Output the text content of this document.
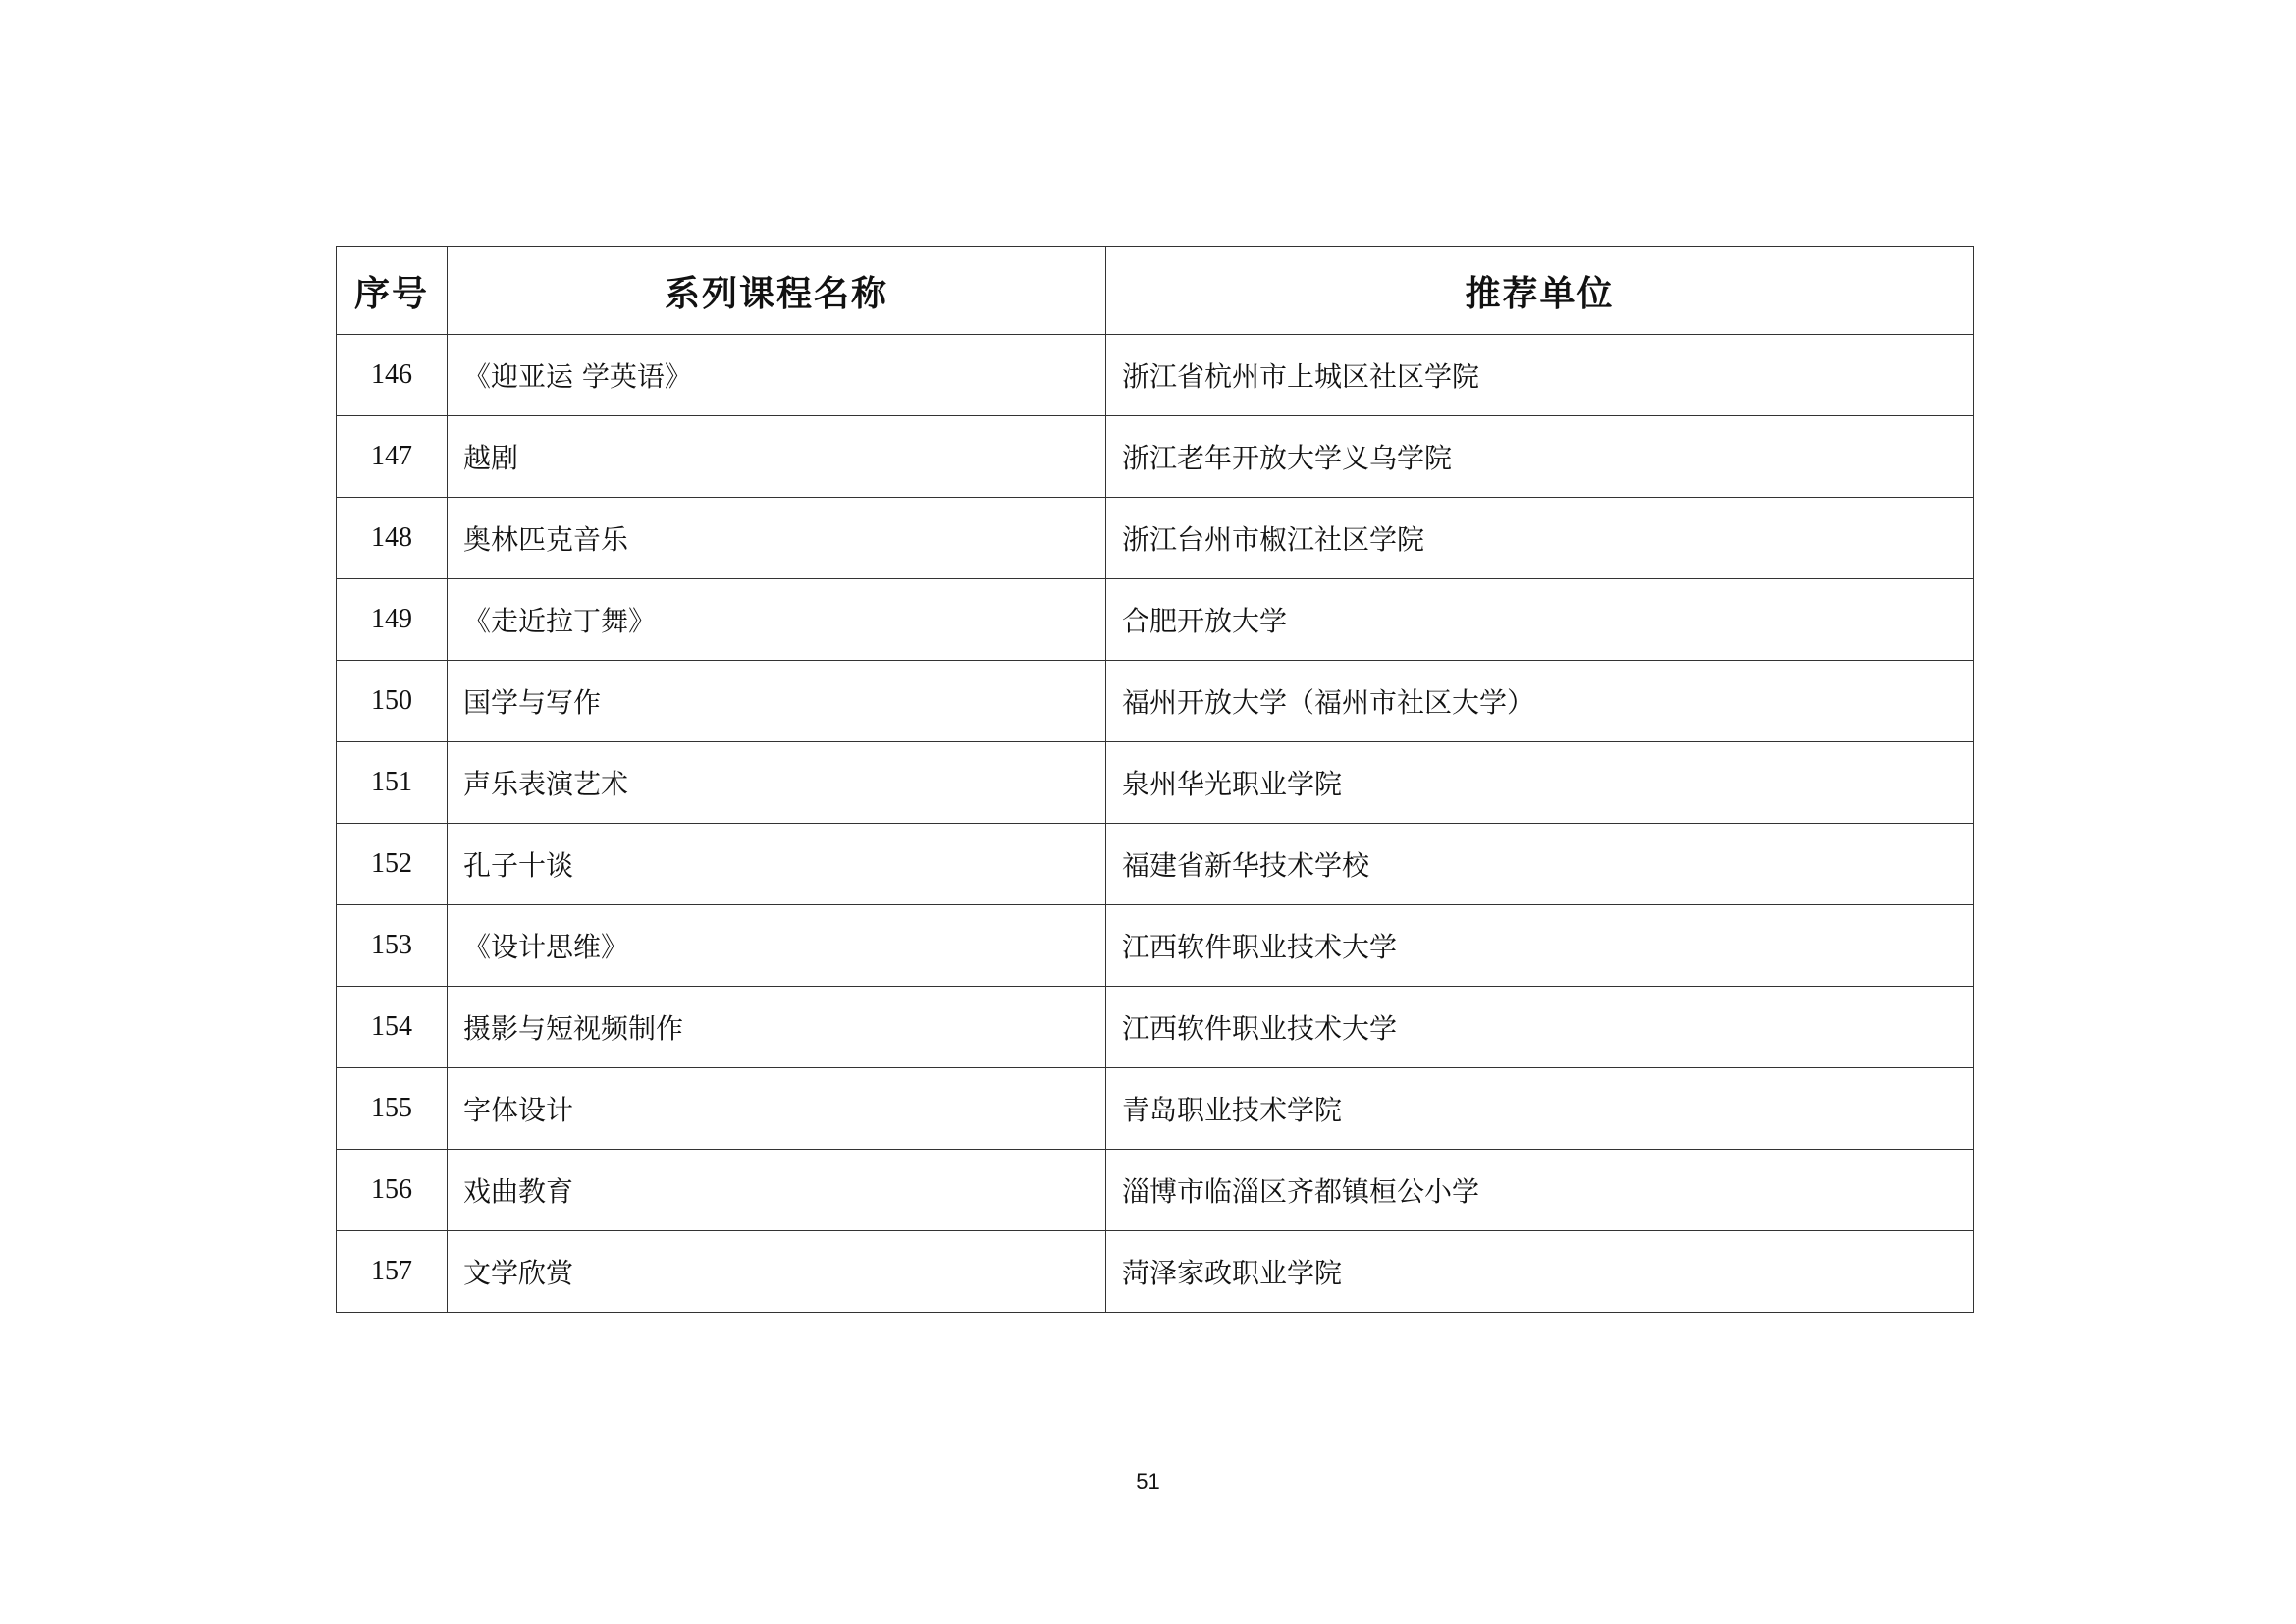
序号	系列课程名称	推荐单位
146	《迎亚运 学英语》	浙江省杭州市上城区社区学院
147	越剧	浙江老年开放大学义乌学院
148	奥林匹克音乐	浙江台州市椒江社区学院
149	《走近拉丁舞》	合肥开放大学
150	国学与写作	福州开放大学（福州市社区大学）
151	声乐表演艺术	泉州华光职业学院
152	孔子十谈	福建省新华技术学校
153	《设计思维》	江西软件职业技术大学
154	摄影与短视频制作	江西软件职业技术大学
155	字体设计	青岛职业技术学院
156	戏曲教育	淄博市临淄区齐都镇桓公小学
157	文学欣赏	菏泽家政职业学院
51
